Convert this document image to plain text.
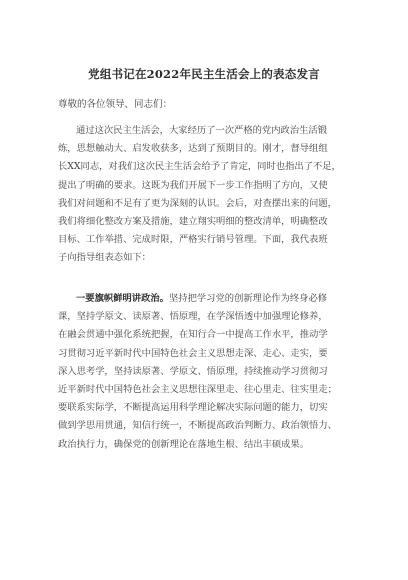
党组书记在2022年民主生活会上的表态发言
尊敬的各位领导、同志们：
通过这次民主生活会，大家经历了一次严格的党内政治生活锻
炼，思想触动大、启发收获多，达到了预期目的。刚才，督导组组
长XX同志，对我们这次民主生活会给予了肯定，同时也指出了不足，
提出了明确的要求。这既为我们开展下一步工作指明了方向，又使
我们对问题和不足有了更为深刻的认识。会后，对查摆出来的问题，
我们将细化整改方案及措施，建立翔实明细的整改清单，明确整改
目标、工作举措、完成时限，严格实行销号管理。下面，我代表班
子向指导组表态如下：
一要旗帜鲜明讲政治。坚持把学习党的创新理论作为终身必修
课，坚持学原文、读原著、悟原理，在学深悟透中加强理论修养，
在融会贯通中强化系统把握，在知行合一中提高工作水平，推动学
习贯彻习近平新时代中国特色社会主义思想走深、走心、走实，要
深入思考学，坚持读原著、学原文、悟原理，持续推动学习贯彻习
近平新时代中国特色社会主义思想往深里走、往心里走、往实里走；
要联系实际学，不断提高运用科学理论解决实际问题的能力，切实
做到学思用贯通，知信行统一，不断提高政治判断力、政治领悟力、
政治执行力，确保党的创新理论在落地生根、结出丰硕成果。
